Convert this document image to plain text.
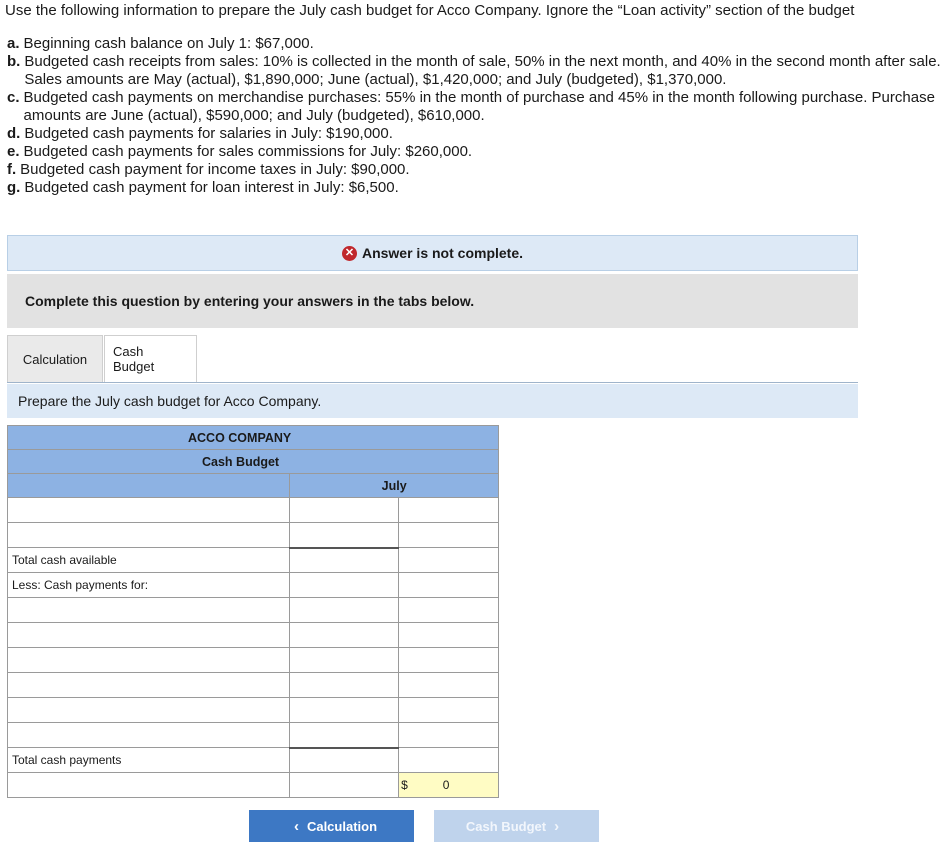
Use the following information to prepare the July cash budget for Acco Company. Ignore the “Loan activity” section of the budget
a. Beginning cash balance on July 1: $67,000.
b. Budgeted cash receipts from sales: 10% is collected in the month of sale, 50% in the next month, and 40% in the second month after sale. Sales amounts are May (actual), $1,890,000; June (actual), $1,420,000; and July (budgeted), $1,370,000.
c. Budgeted cash payments on merchandise purchases: 55% in the month of purchase and 45% in the month following purchase. Purchase amounts are June (actual), $590,000; and July (budgeted), $610,000.
d. Budgeted cash payments for salaries in July: $190,000.
e. Budgeted cash payments for sales commissions for July: $260,000.
f. Budgeted cash payment for income taxes in July: $90,000.
g. Budgeted cash payment for loan interest in July: $6,500.
✕ Answer is not complete.
Complete this question by entering your answers in the tabs below.
Calculation
Cash Budget
Prepare the July cash budget for Acco Company.
ACCO COMPANY		
Cash Budget		
	July	

Total cash available		
Less: Cash payments for:		

Total cash payments		
		$ 0
‹ Calculation	Cash Budget ›
